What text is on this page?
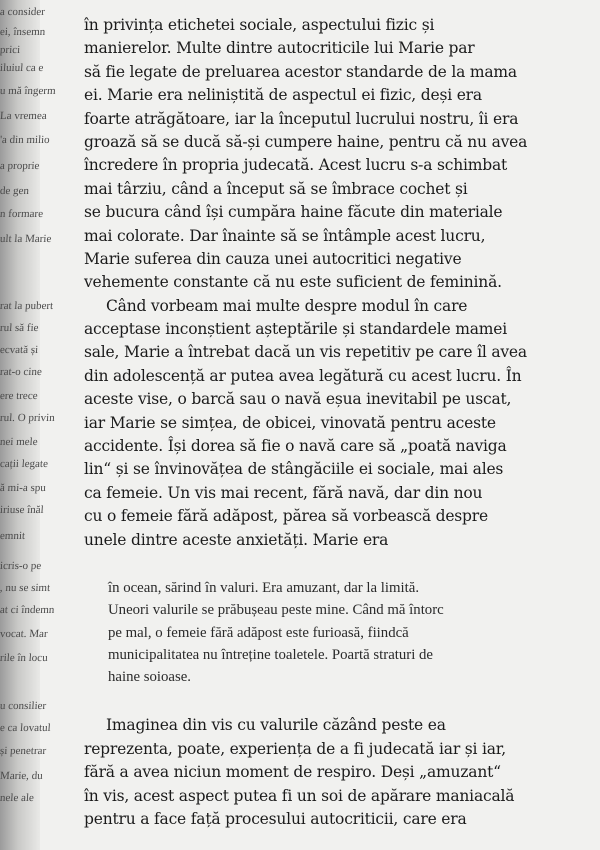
a consider
ei, însemn
prici
iluiul ca e
u mă îngerm
La vremea
'a din milio
a proprie
de gen
n formare
ult la Marie
rat la pubert
rul să fie
ecvată și
rat-o cine
ere trece
rul. O privin
nei mele
cații legate
ă mi-a spu
iriuse înăl
emnit
icris-o pe
, nu se simt
at ci îndemn
vocat. Mar
rile în locu
u consilier
e ca lovatul
și penetrar
Marie, du
nele ale
în privința etichetei sociale, aspectului fizic și
manierelor. Multe dintre autocriticile lui Marie par
să fie legate de preluarea acestor standarde de la mama
ei. Marie era neliniștită de aspectul ei fizic, deși era
foarte atrăgătoare, iar la începutul lucrului nostru, îi era
groază să se ducă să-și cumpere haine, pentru că nu avea
încredere în propria judecată. Acest lucru s-a schimbat
mai târziu, când a început să se îmbrace cochet și
se bucura când își cumpăra haine făcute din materiale
mai colorate. Dar înainte să se întâmple acest lucru,
Marie suferea din cauza unei autocritici negative
vehemente constante că nu este suficient de feminină.
Când vorbeam mai multe despre modul în care
acceptase inconștient așteptările și standardele mamei
sale, Marie a întrebat dacă un vis repetitiv pe care îl avea
din adolescență ar putea avea legătură cu acest lucru. În
aceste vise, o barcă sau o navă eșua inevitabil pe uscat,
iar Marie se simțea, de obicei, vinovată pentru aceste
accidente. Își dorea să fie o navă care să „poată naviga
lin“ și se învinovățea de stângăciile ei sociale, mai ales
ca femeie. Un vis mai recent, fără navă, dar din nou
cu o femeie fără adăpost, părea să vorbească despre
unele dintre aceste anxietăți. Marie era
în ocean, sărind în valuri. Era amuzant, dar la limită.
Uneori valurile se prăbușeau peste mine. Când mă întorc
pe mal, o femeie fără adăpost este furioasă, fiindcă
municipalitatea nu întreține toaletele. Poartă straturi de
haine soioase.
Imaginea din vis cu valurile căzând peste ea
reprezenta, poate, experiența de a fi judecată iar și iar,
fără a avea niciun moment de respiro. Deși „amuzant“
în vis, acest aspect putea fi un soi de apărare maniacală
pentru a face față procesului autocriticii, care era
